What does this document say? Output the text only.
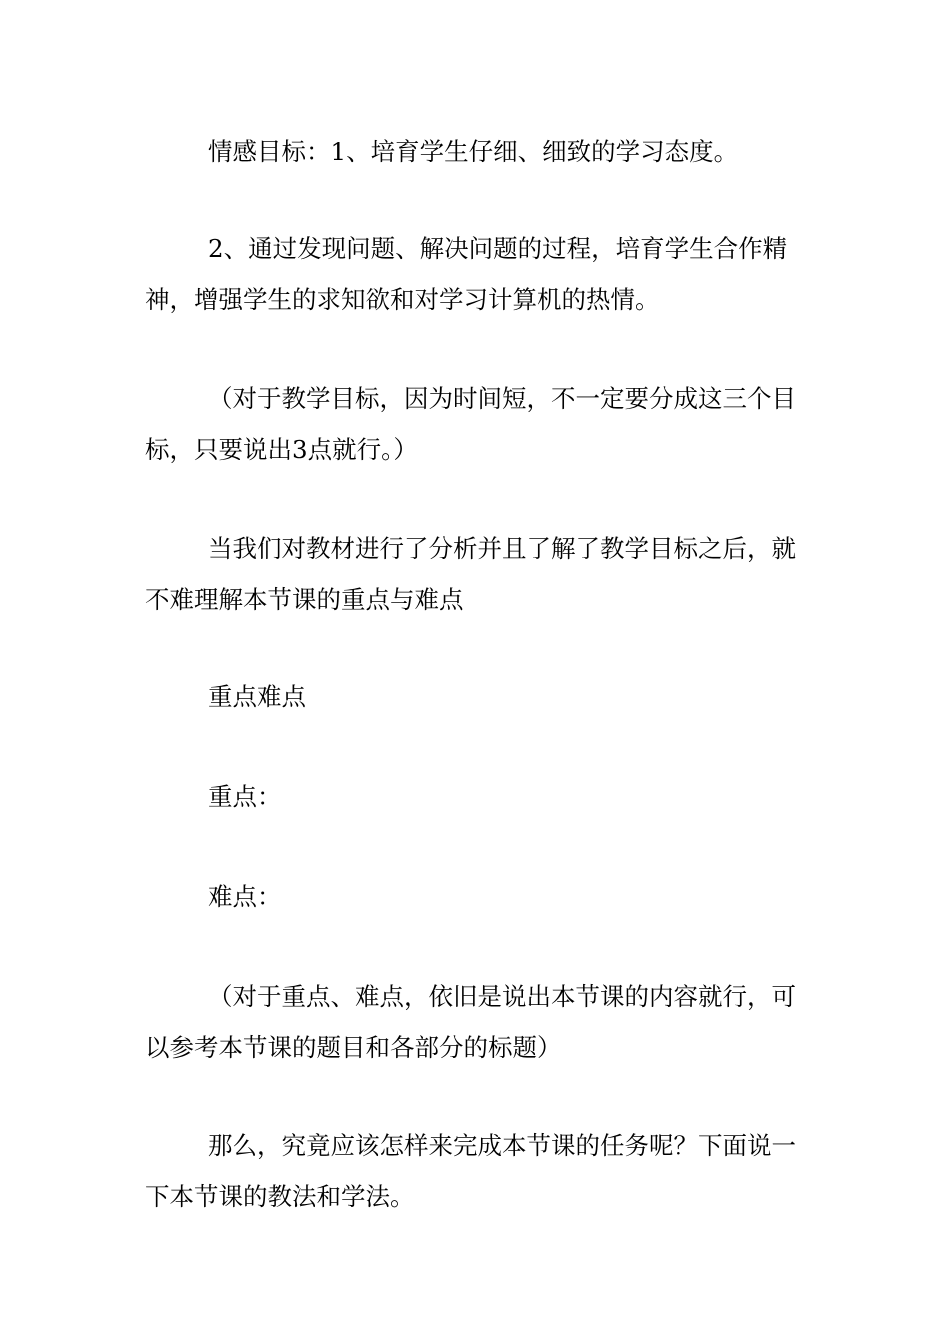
情感目标：1、培育学生仔细、细致的学习态度。

2、通过发现问题、解决问题的过程，培育学生合作精神，增强学生的求知欲和对学习计算机的热情。

（对于教学目标，因为时间短，不一定要分成这三个目标，只要说出3点就行。）

当我们对教材进行了分析并且了解了教学目标之后，就不难理解本节课的重点与难点

重点难点

重点：

难点：

（对于重点、难点，依旧是说出本节课的内容就行，可以参考本节课的题目和各部分的标题）

那么，究竟应该怎样来完成本节课的任务呢？下面说一下本节课的教法和学法。
